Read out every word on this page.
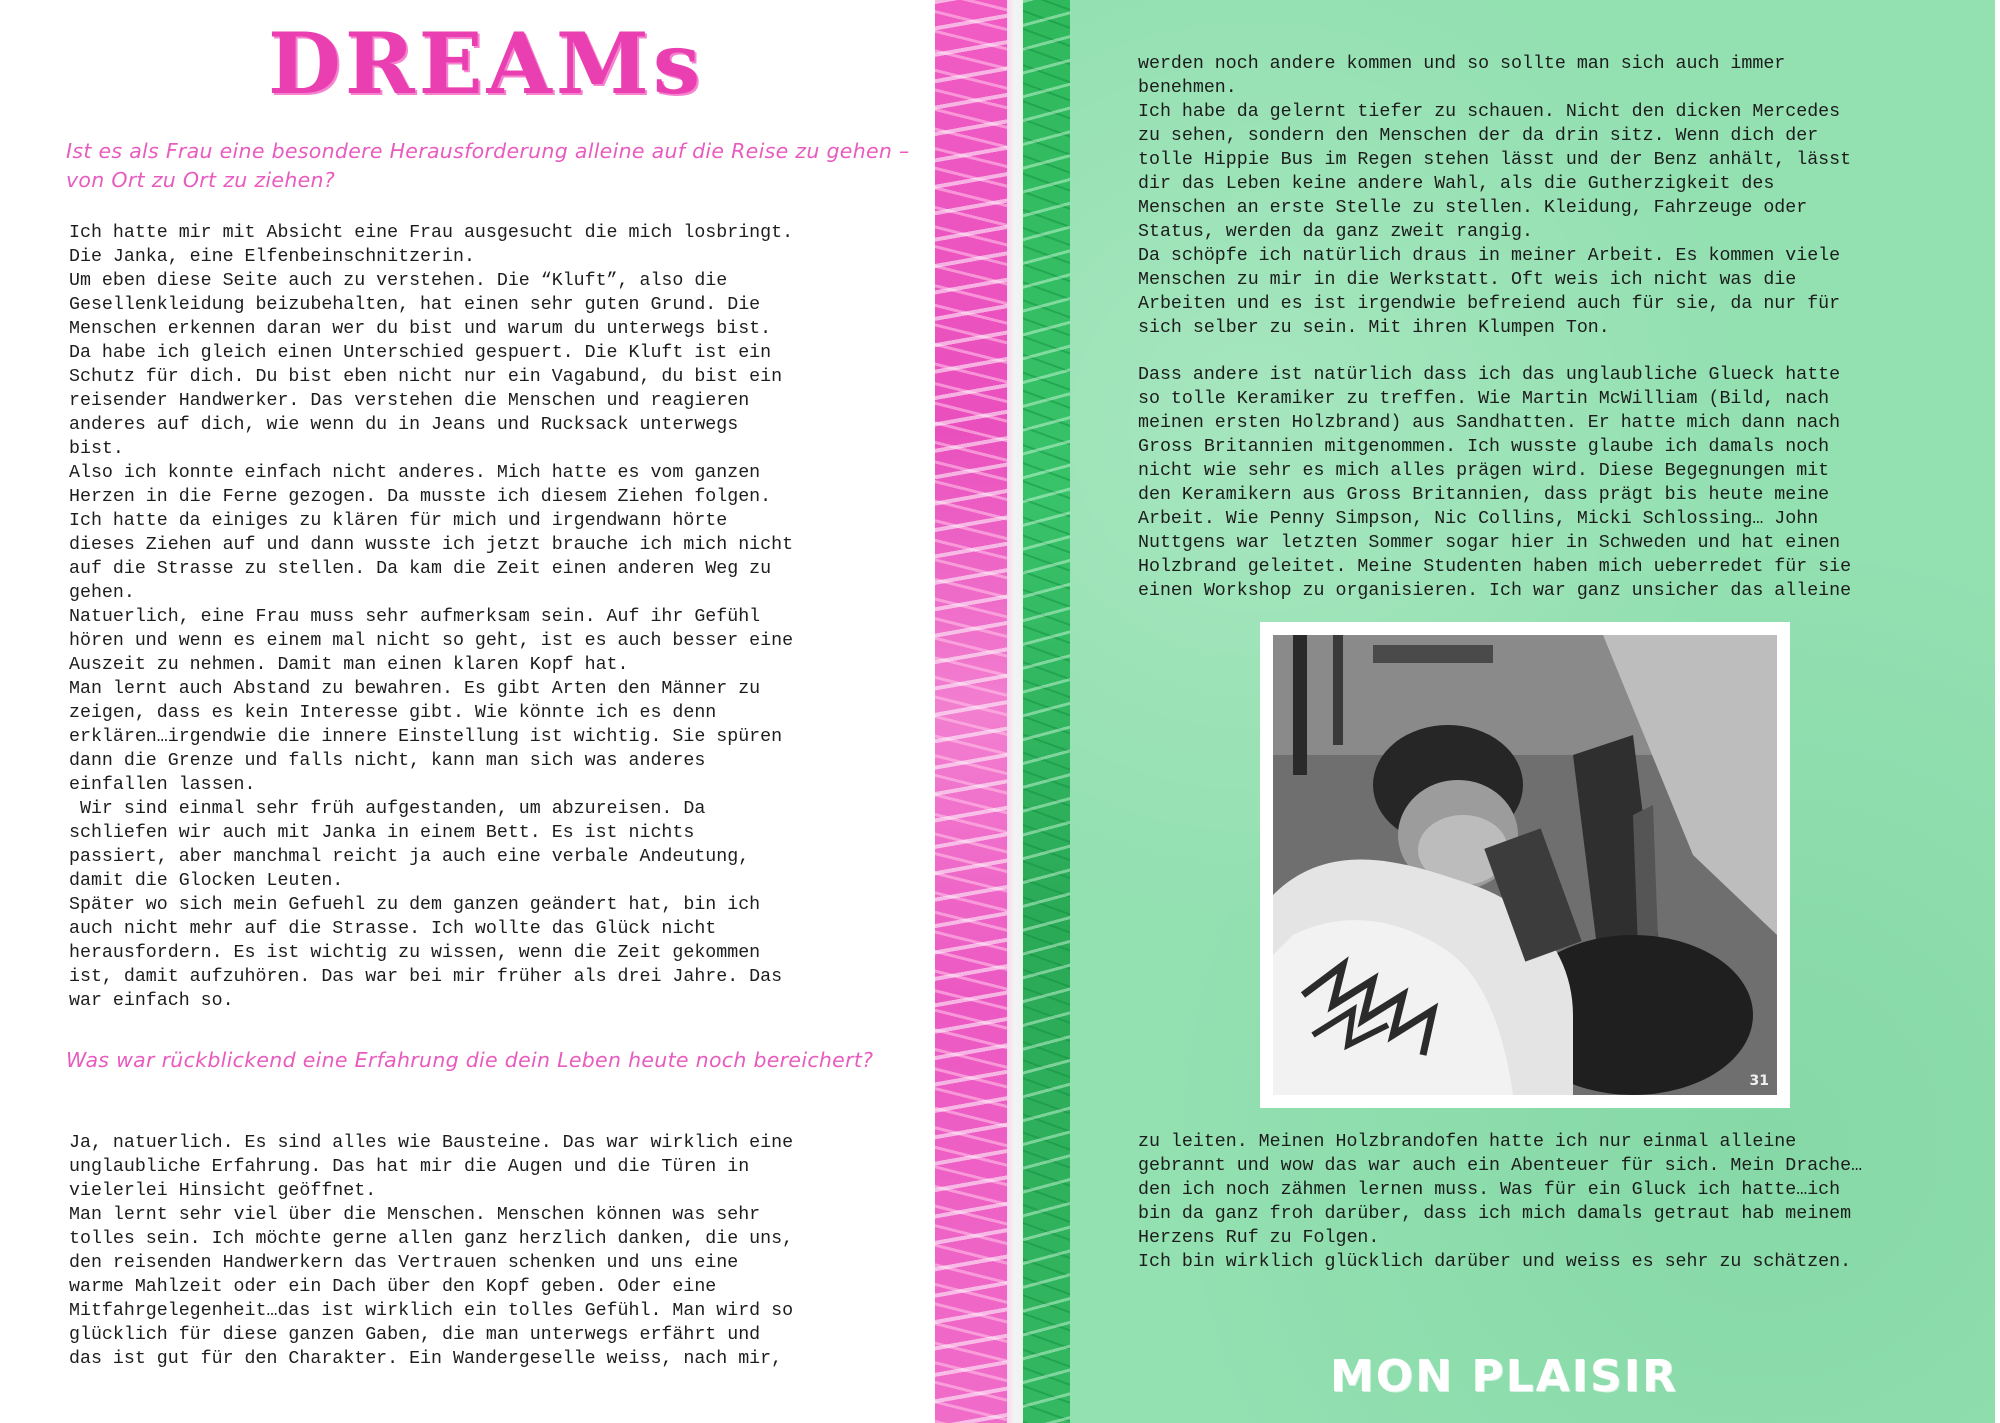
DREAMs

Ist es als Frau eine besondere Herausforderung alleine auf die Reise zu gehen – von Ort zu Ort zu ziehen?

Ich hatte mir mit Absicht eine Frau ausgesucht die mich losbringt.
Die Janka, eine Elfenbeinschnitzerin.
Um eben diese Seite auch zu verstehen. Die “Kluft”, also die
Gesellenkleidung beizubehalten, hat einen sehr guten Grund. Die
Menschen erkennen daran wer du bist und warum du unterwegs bist.
Da habe ich gleich einen Unterschied gespuert. Die Kluft ist ein
Schutz für dich. Du bist eben nicht nur ein Vagabund, du bist ein
reisender Handwerker. Das verstehen die Menschen und reagieren
anderes auf dich, wie wenn du in Jeans und Rucksack unterwegs
bist.
Also ich konnte einfach nicht anderes. Mich hatte es vom ganzen
Herzen in die Ferne gezogen. Da musste ich diesem Ziehen folgen.
Ich hatte da einiges zu klären für mich und irgendwann hörte
dieses Ziehen auf und dann wusste ich jetzt brauche ich mich nicht
auf die Strasse zu stellen. Da kam die Zeit einen anderen Weg zu
gehen.
Natuerlich, eine Frau muss sehr aufmerksam sein. Auf ihr Gefühl
hören und wenn es einem mal nicht so geht, ist es auch besser eine
Auszeit zu nehmen. Damit man einen klaren Kopf hat.
Man lernt auch Abstand zu bewahren. Es gibt Arten den Männer zu
zeigen, dass es kein Interesse gibt. Wie könnte ich es denn
erklären…irgendwie die innere Einstellung ist wichtig. Sie spüren
dann die Grenze und falls nicht, kann man sich was anderes
einfallen lassen.
Wir sind einmal sehr früh aufgestanden, um abzureisen. Da
schliefen wir auch mit Janka in einem Bett. Es ist nichts
passiert, aber manchmal reicht ja auch eine verbale Andeutung,
damit die Glocken Leuten.
Später wo sich mein Gefuehl zu dem ganzen geändert hat, bin ich
auch nicht mehr auf die Strasse. Ich wollte das Glück nicht
herausfordern. Es ist wichtig zu wissen, wenn die Zeit gekommen
ist, damit aufzuhören. Das war bei mir früher als drei Jahre. Das
war einfach so.

Was war rückblickend eine Erfahrung die dein Leben heute noch bereichert?

Ja, natuerlich. Es sind alles wie Bausteine. Das war wirklich eine
unglaubliche Erfahrung. Das hat mir die Augen und die Türen in
vielerlei Hinsicht geöffnet.
Man lernt sehr viel über die Menschen. Menschen können was sehr
tolles sein. Ich möchte gerne allen ganz herzlich danken, die uns,
den reisenden Handwerkern das Vertrauen schenken und uns eine
warme Mahlzeit oder ein Dach über den Kopf geben. Oder eine
Mitfahrgelegenheit…das ist wirklich ein tolles Gefühl. Man wird so
glücklich für diese ganzen Gaben, die man unterwegs erfährt und
das ist gut für den Charakter. Ein Wandergeselle weiss, nach mir,
werden noch andere kommen und so sollte man sich auch immer
benehmen.
Ich habe da gelernt tiefer zu schauen. Nicht den dicken Mercedes
zu sehen, sondern den Menschen der da drin sitz. Wenn dich der
tolle Hippie Bus im Regen stehen lässt und der Benz anhält, lässt
dir das Leben keine andere Wahl, als die Gutherzigkeit des
Menschen an erste Stelle zu stellen. Kleidung, Fahrzeuge oder
Status, werden da ganz zweit rangig.
Da schöpfe ich natürlich draus in meiner Arbeit. Es kommen viele
Menschen zu mir in die Werkstatt. Oft weis ich nicht was die
Arbeiten und es ist irgendwie befreiend auch für sie, da nur für
sich selber zu sein. Mit ihren Klumpen Ton.
Dass andere ist natürlich dass ich das unglaubliche Glueck hatte
so tolle Keramiker zu treffen. Wie Martin McWilliam (Bild, nach
meinen ersten Holzbrand) aus Sandhatten. Er hatte mich dann nach
Gross Britannien mitgenommen. Ich wusste glaube ich damals noch
nicht wie sehr es mich alles prägen wird. Diese Begegnungen mit
den Keramikern aus Gross Britannien, dass prägt bis heute meine
Arbeit. Wie Penny Simpson, Nic Collins, Micki Schlossing… John
Nuttgens war letzten Sommer sogar hier in Schweden und hat einen
Holzbrand geleitet. Meine Studenten haben mich ueberredet für sie
einen Workshop zu organisieren. Ich war ganz unsicher das alleine
31
zu leiten. Meinen Holzbrandofen hatte ich nur einmal alleine
gebrannt und wow das war auch ein Abenteuer für sich. Mein Drache…
den ich noch zähmen lernen muss. Was für ein Gluck ich hatte…ich
bin da ganz froh darüber, dass ich mich damals getraut hab meinem
Herzens Ruf zu Folgen.
Ich bin wirklich glücklich darüber und weiss es sehr zu schätzen.
MON PLAISIR
